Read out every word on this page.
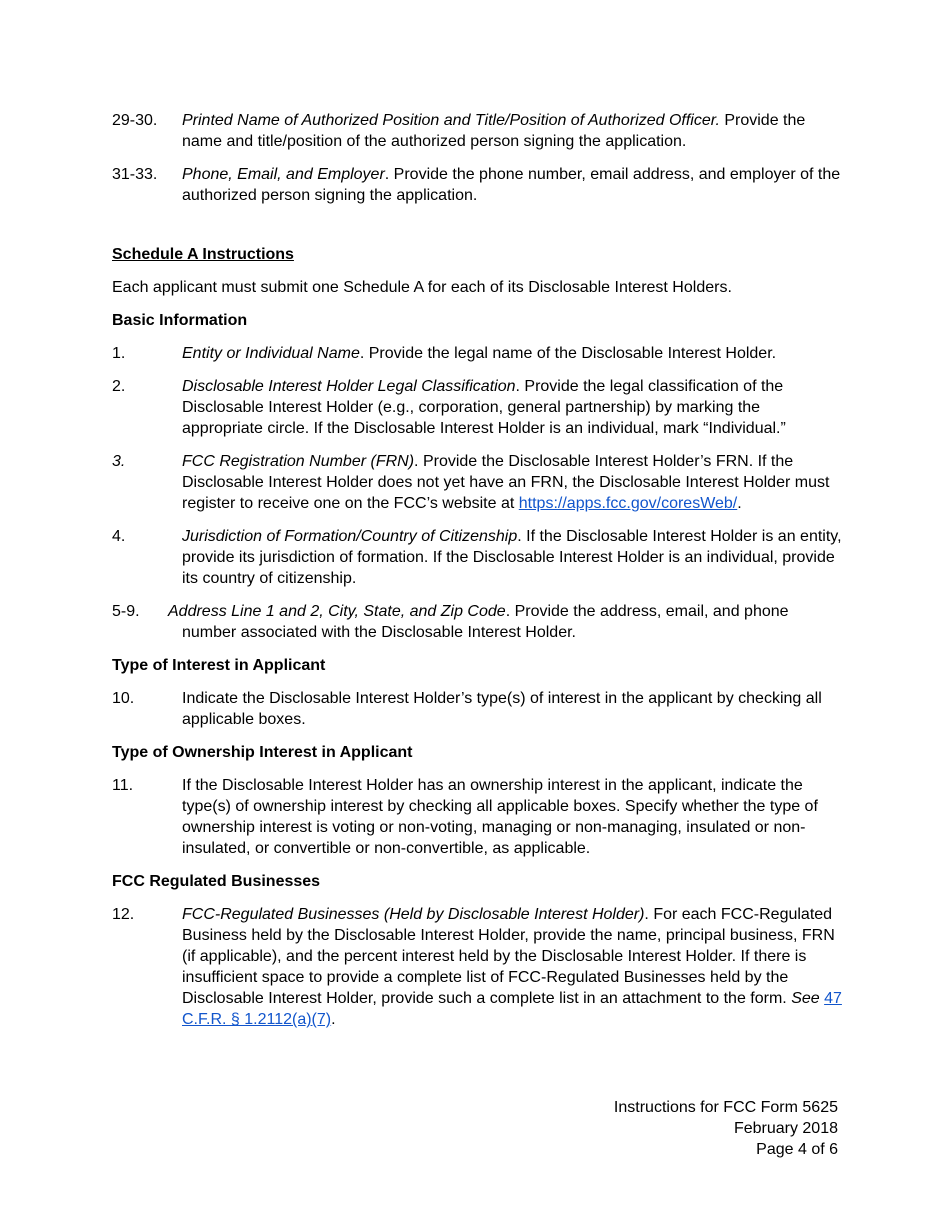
29-30.	Printed Name of Authorized Position and Title/Position of Authorized Officer. Provide the name and title/position of the authorized person signing the application.
31-33.	Phone, Email, and Employer. Provide the phone number, email address, and employer of the authorized person signing the application.
Schedule A Instructions
Each applicant must submit one Schedule A for each of its Disclosable Interest Holders.
Basic Information
1.	Entity or Individual Name. Provide the legal name of the Disclosable Interest Holder.
2.	Disclosable Interest Holder Legal Classification. Provide the legal classification of the Disclosable Interest Holder (e.g., corporation, general partnership) by marking the appropriate circle. If the Disclosable Interest Holder is an individual, mark “Individual.”
3.	FCC Registration Number (FRN). Provide the Disclosable Interest Holder’s FRN. If the Disclosable Interest Holder does not yet have an FRN, the Disclosable Interest Holder must register to receive one on the FCC’s website at https://apps.fcc.gov/coresWeb/.
4.	Jurisdiction of Formation/Country of Citizenship. If the Disclosable Interest Holder is an entity, provide its jurisdiction of formation. If the Disclosable Interest Holder is an individual, provide its country of citizenship.
5-9. Address Line 1 and 2, City, State, and Zip Code. Provide the address, email, and phone
number associated with the Disclosable Interest Holder.
Type of Interest in Applicant
10.	Indicate the Disclosable Interest Holder’s type(s) of interest in the applicant by checking all applicable boxes.
Type of Ownership Interest in Applicant
11.	If the Disclosable Interest Holder has an ownership interest in the applicant, indicate the type(s) of ownership interest by checking all applicable boxes. Specify whether the type of ownership interest is voting or non-voting, managing or non-managing, insulated or non-insulated, or convertible or non-convertible, as applicable.
FCC Regulated Businesses
12.	FCC-Regulated Businesses (Held by Disclosable Interest Holder). For each FCC-Regulated Business held by the Disclosable Interest Holder, provide the name, principal business, FRN (if applicable), and the percent interest held by the Disclosable Interest Holder. If there is insufficient space to provide a complete list of FCC-Regulated Businesses held by the Disclosable Interest Holder, provide such a complete list in an attachment to the form. See 47 C.F.R. § 1.2112(a)(7).
Instructions for FCC Form 5625
February 2018
Page 4 of 6
